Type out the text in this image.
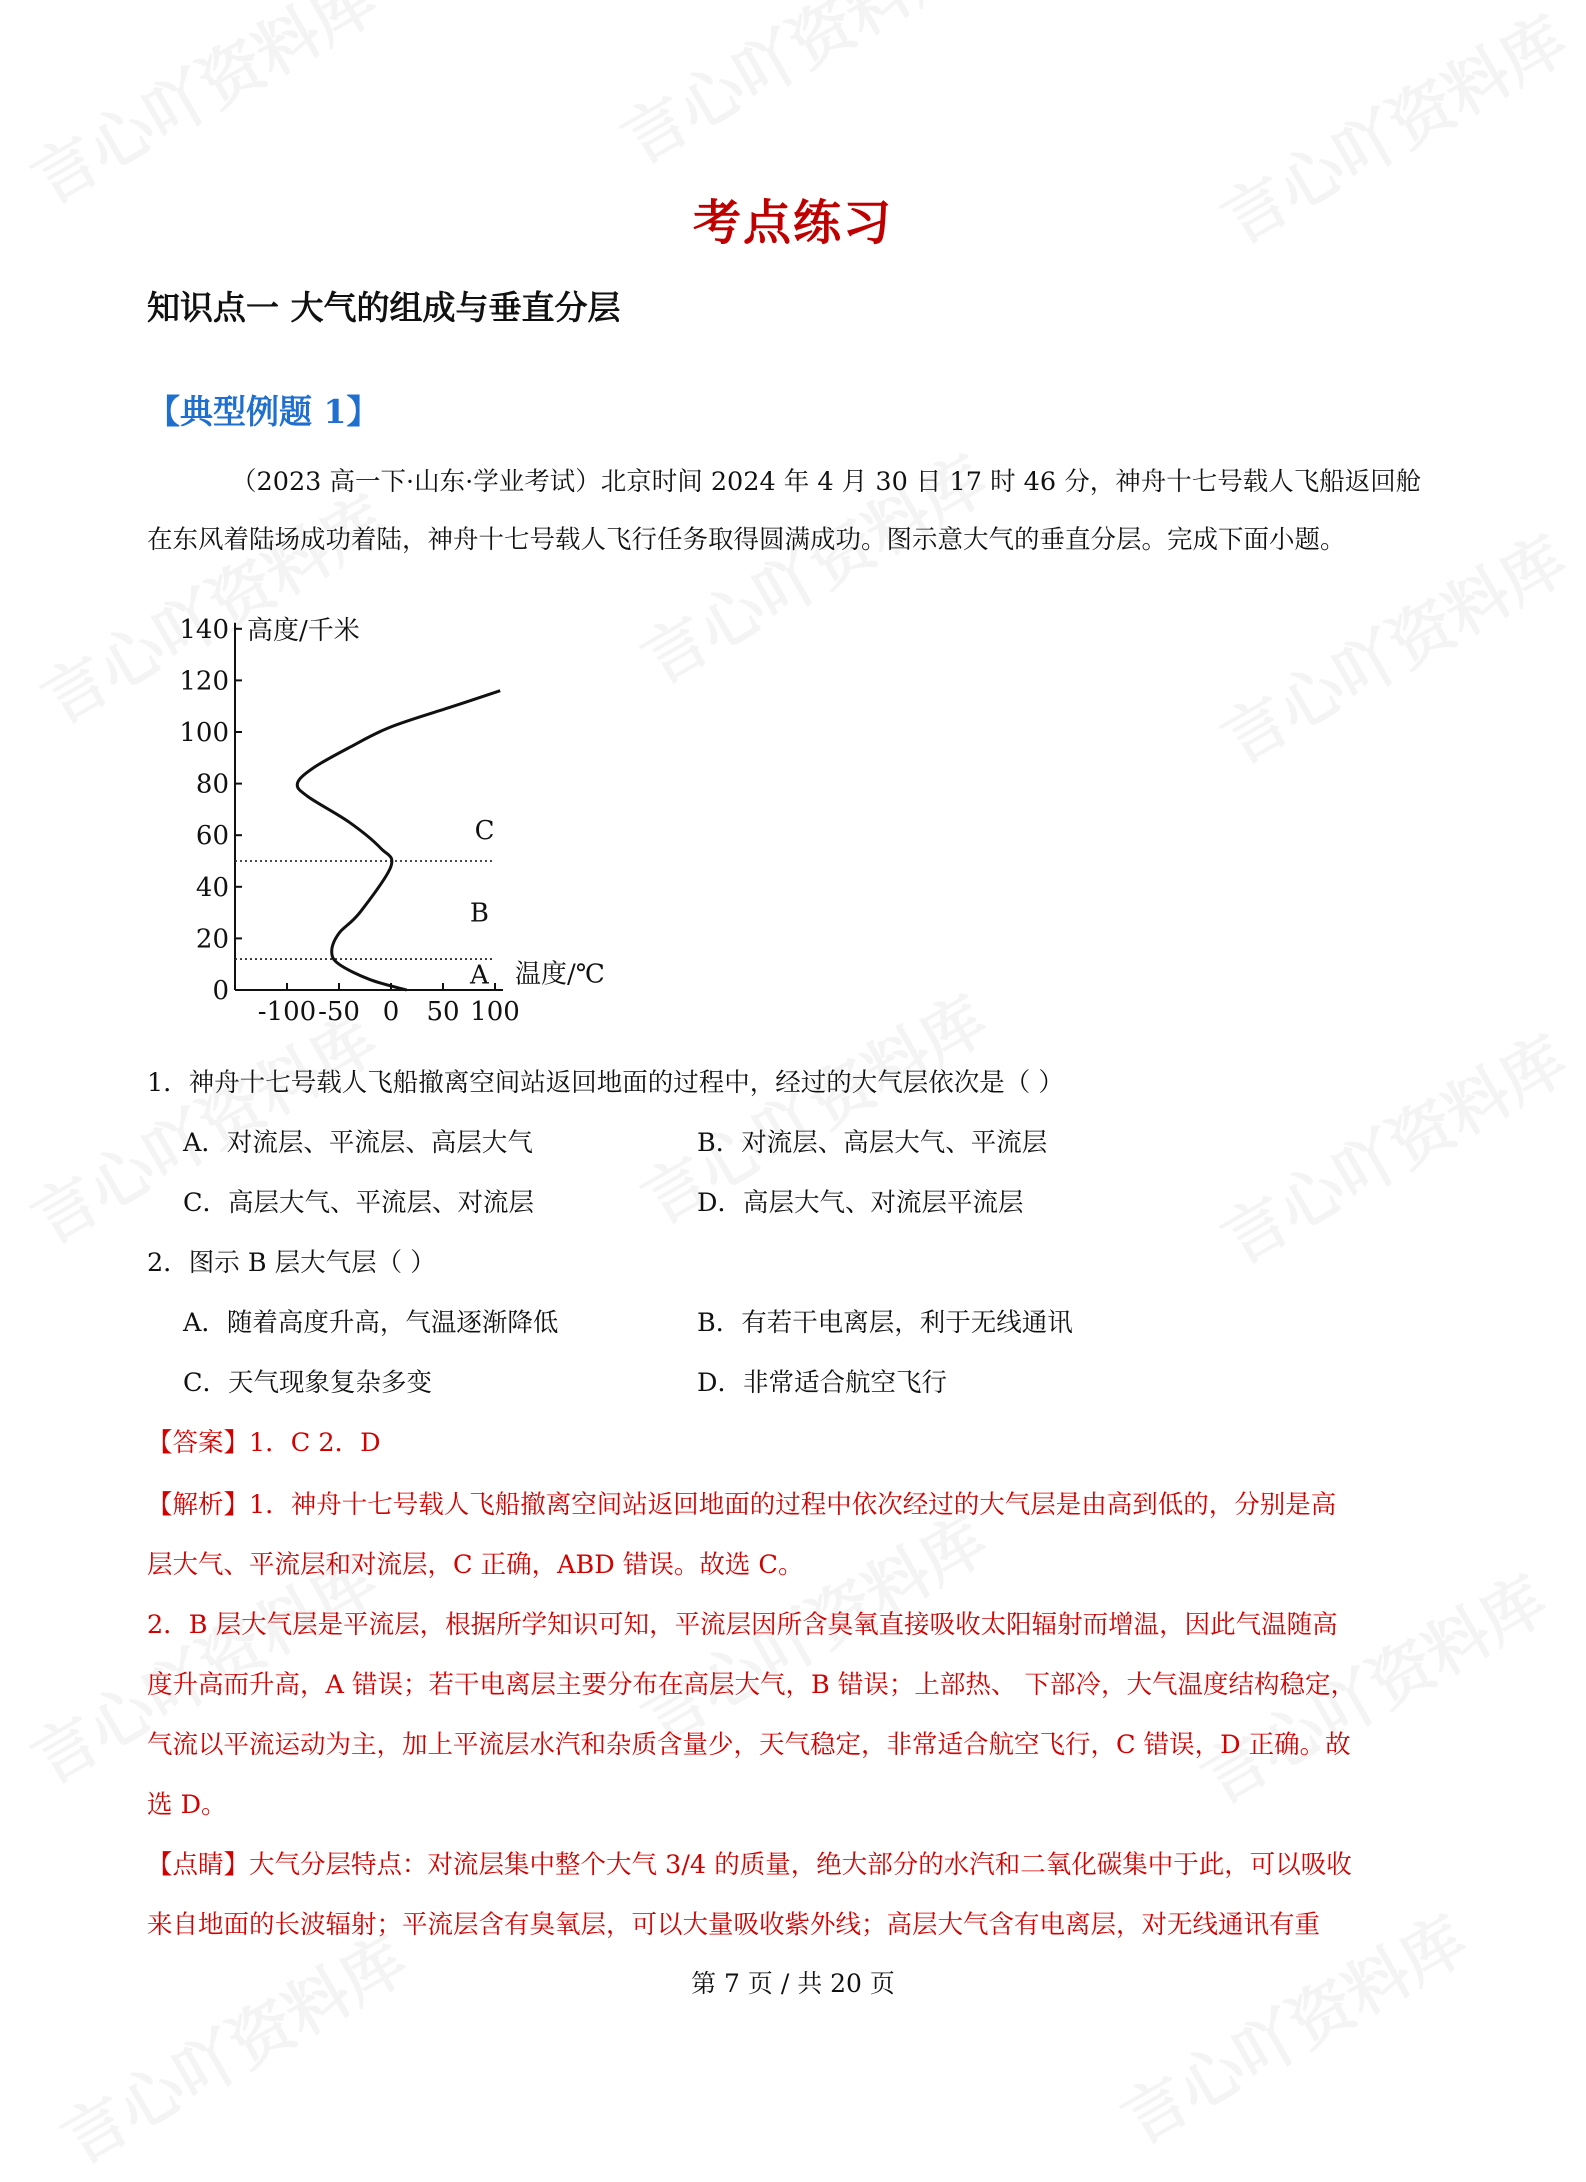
考点练习
知识点一 大气的组成与垂直分层
【典型例题 1】
（2023 高一下·山东·学业考试）北京时间 2024 年 4 月 30 日 17 时 46 分，神舟十七号载人飞船返回舱
在东风着陆场成功着陆，神舟十七号载人飞行任务取得圆满成功。图示意大气的垂直分层。完成下面小题。
0
20
40
60
80
100
120
140
-100 -50 0 50 100
高度/千米
温度/℃
A
B
C
1．神舟十七号载人飞船撤离空间站返回地面的过程中，经过的大气层依次是（ ）
A．对流层、平流层、高层大气	B．对流层、高层大气、平流层
C．高层大气、平流层、对流层	D．高层大气、对流层平流层
2．图示 B 层大气层（ ）
A．随着高度升高，气温逐渐降低	B．有若干电离层，利于无线通讯
C．天气现象复杂多变	D．非常适合航空飞行
【答案】1．C 2．D
【解析】1．神舟十七号载人飞船撤离空间站返回地面的过程中依次经过的大气层是由高到低的，分别是高
层大气、平流层和对流层，C 正确，ABD 错误。故选 C。
2．B 层大气层是平流层，根据所学知识可知，平流层因所含臭氧直接吸收太阳辐射而增温，因此气温随高
度升高而升高，A 错误；若干电离层主要分布在高层大气，B 错误；上部热、 下部冷，大气温度结构稳定，
气流以平流运动为主，加上平流层水汽和杂质含量少，天气稳定，非常适合航空飞行，C 错误，D 正确。故
选 D。
【点睛】大气分层特点：对流层集中整个大气 3/4 的质量，绝大部分的水汽和二氧化碳集中于此，可以吸收
来自地面的长波辐射；平流层含有臭氧层，可以大量吸收紫外线；高层大气含有电离层，对无线通讯有重
第 7 页 / 共 20 页
